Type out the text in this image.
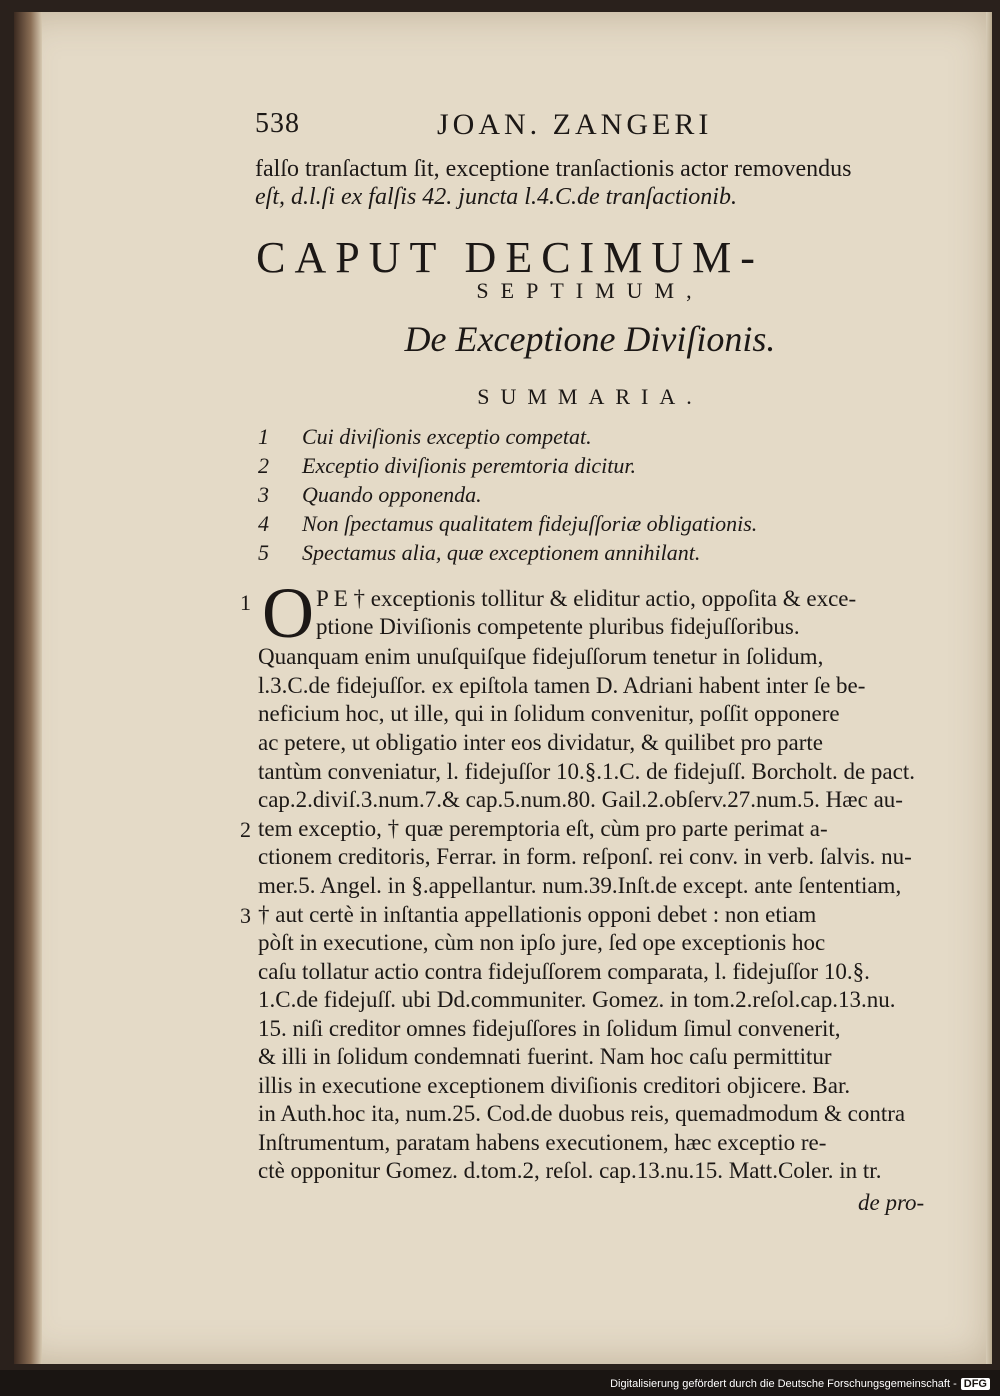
538	JOAN. ZANGERI
falſo tranſactum ſit, exceptione tranſactionis actor removendus
eſt, d.l.ſi ex falſis 42. juncta l.4.C.de tranſactionib.
CAPUT DECIMUM-
SEPTIMUM,
De Exceptione Diviſionis.
SUMMARIA.
1 Cui diviſionis exceptio competat.
2 Exceptio diviſionis peremtoria dicitur.
3 Quando opponenda.
4 Non ſpectamus qualitatem fidejuſſoriæ obligationis.
5 Spectamus alia, quæ exceptionem annihilant.
1
2
3
O P E † exceptionis tollitur & eliditur actio, oppoſita & exce-
ptione Diviſionis competente pluribus fidejuſſoribus.
Quanquam enim unuſquiſque fidejuſſorum tenetur in ſolidum,
l.3.C.de fidejuſſor. ex epiſtola tamen D. Adriani habent inter ſe be-
neficium hoc, ut ille, qui in ſolidum convenitur, poſſit opponere
ac petere, ut obligatio inter eos dividatur, & quilibet pro parte
tantùm conveniatur, l. fidejuſſor 10.§.1.C. de fidejuſſ. Borcholt. de pact.
cap.2.diviſ.3.num.7.& cap.5.num.80. Gail.2.obſerv.27.num.5. Hæc au-
tem exceptio, † quæ peremptoria eſt, cùm pro parte perimat a-
ctionem creditoris, Ferrar. in form. reſponſ. rei conv. in verb. ſalvis. nu-
mer.5. Angel. in §.appellantur. num.39.Inſt.de except. ante ſententiam,
† aut certè in inſtantia appellationis opponi debet : non etiam
pòſt in executione, cùm non ipſo jure, ſed ope exceptionis hoc
caſu tollatur actio contra fidejuſſorem comparata, l. fidejuſſor 10.§.
1.C.de fidejuſſ. ubi Dd.communiter. Gomez. in tom.2.reſol.cap.13.nu.
15. niſi creditor omnes fidejuſſores in ſolidum ſimul convenerit,
& illi in ſolidum condemnati fuerint. Nam hoc caſu permittitur
illis in executione exceptionem diviſionis creditori objicere. Bar.
in Auth.hoc ita, num.25. Cod.de duobus reis, quemadmodum & contra
Inſtrumentum, paratam habens executionem, hæc exceptio re-
ctè opponitur Gomez. d.tom.2, reſol. cap.13.nu.15. Matt.Coler. in tr.
de pro-
Digitalisierung gefördert durch die Deutsche Forschungsgemeinschaft - DFG
